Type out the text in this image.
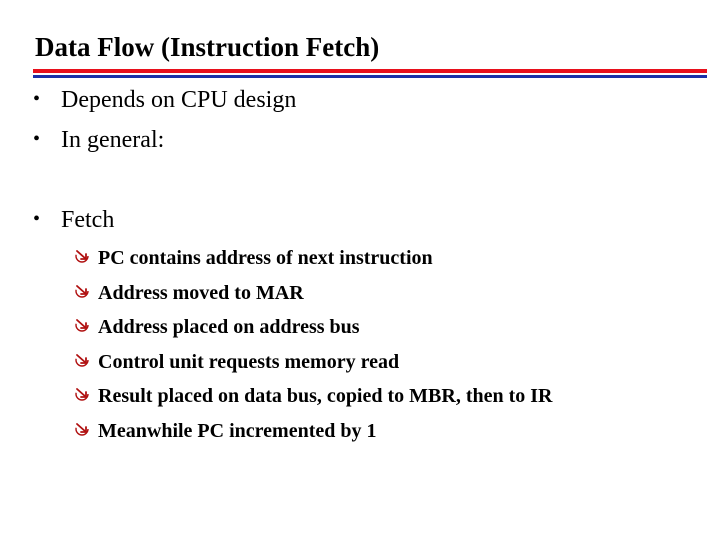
Data Flow (Instruction Fetch)
• Depends on CPU design
• In general:
• Fetch
PC contains address of next instruction
Address moved to MAR
Address placed on address bus
Control unit requests memory read
Result placed on data bus, copied to MBR, then to IR
Meanwhile PC incremented by 1
